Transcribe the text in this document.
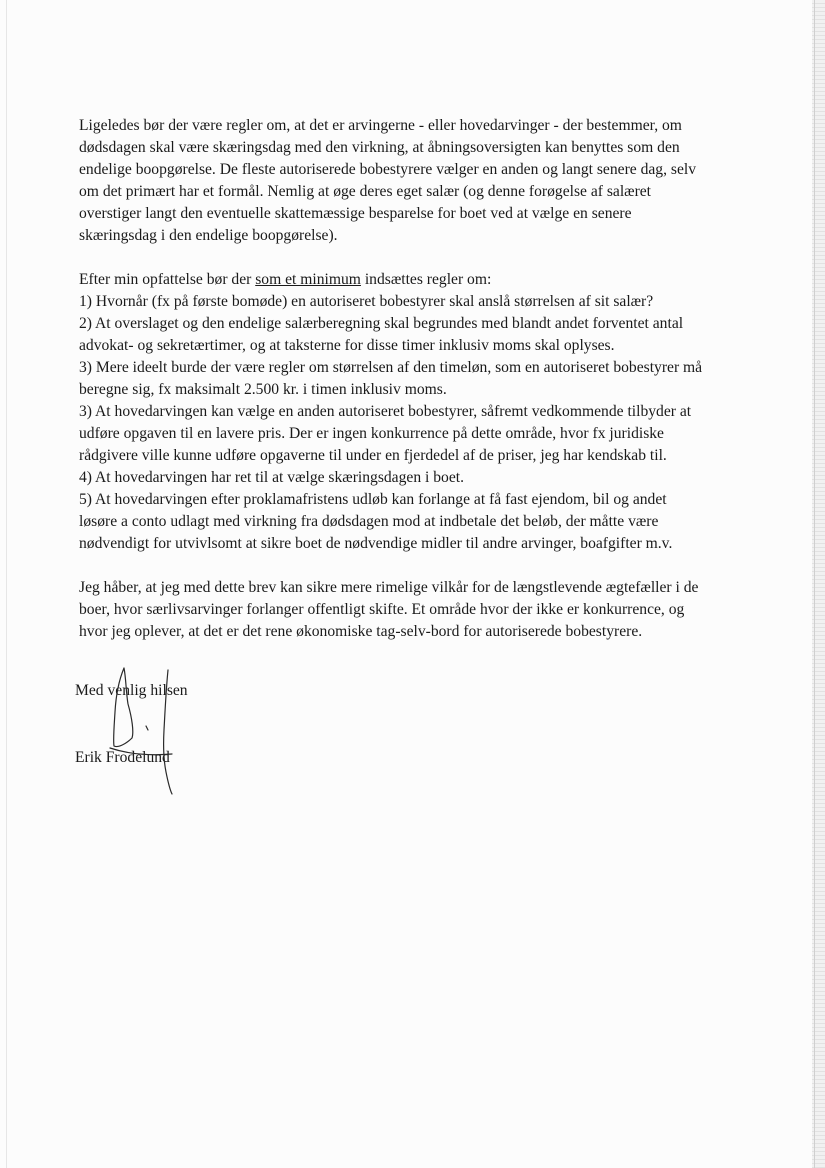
Ligeledes bør der være regler om, at det er arvingerne - eller hovedarvinger - der bestemmer, om
dødsdagen skal være skæringsdag med den virkning, at åbningsoversigten kan benyttes som den
endelige boopgørelse. De fleste autoriserede bobestyrere vælger en anden og langt senere dag, selv
om det primært har et formål. Nemlig at øge deres eget salær (og denne forøgelse af salæret
overstiger langt den eventuelle skattemæssige besparelse for boet ved at vælge en senere
skæringsdag i den endelige boopgørelse).

Efter min opfattelse bør der som et minimum indsættes regler om:
1) Hvornår (fx på første bomøde) en autoriseret bobestyrer skal anslå størrelsen af sit salær?
2) At overslaget og den endelige salærberegning skal begrundes med blandt andet forventet antal
advokat- og sekretærtimer, og at taksterne for disse timer inklusiv moms skal oplyses.
3) Mere ideelt burde der være regler om størrelsen af den timeløn, som en autoriseret bobestyrer må
beregne sig, fx maksimalt 2.500 kr. i timen inklusiv moms.
3) At hovedarvingen kan vælge en anden autoriseret bobestyrer, såfremt vedkommende tilbyder at
udføre opgaven til en lavere pris. Der er ingen konkurrence på dette område, hvor fx juridiske
rådgivere ville kunne udføre opgaverne til under en fjerdedel af de priser, jeg har kendskab til.
4) At hovedarvingen har ret til at vælge skæringsdagen i boet.
5) At hovedarvingen efter proklamafristens udløb kan forlange at få fast ejendom, bil og andet
løsøre a conto udlagt med virkning fra dødsdagen mod at indbetale det beløb, der måtte være
nødvendigt for utvivlsomt at sikre boet de nødvendige midler til andre arvinger, boafgifter m.v.

Jeg håber, at jeg med dette brev kan sikre mere rimelige vilkår for de længstlevende ægtefæller i de
boer, hvor særlivsarvinger forlanger offentligt skifte. Et område hvor der ikke er konkurrence, og
hvor jeg oplever, at det er det rene økonomiske tag-selv-bord for autoriserede bobestyrere.

Med venlig hilsen
Erik Frodelund
